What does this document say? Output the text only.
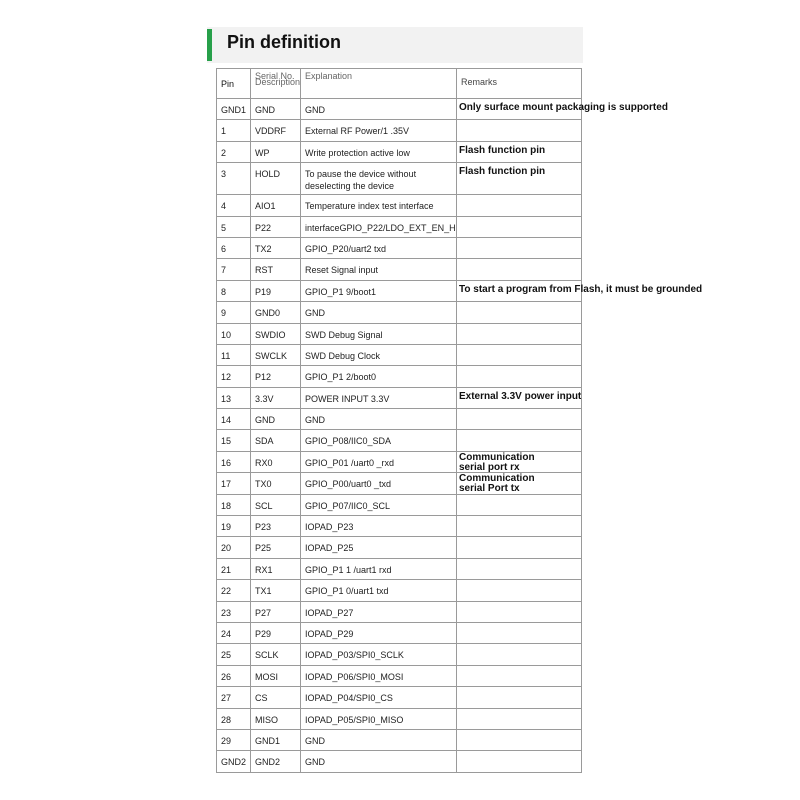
Pin definition
Pin	Serial No. Description	Explanation	Remarks
GND1	GND	GND	Only surface mount packaging is supported

1	VDDRF	External RF Power/1 .35V	
2	WP	Write protection active low	Flash function pin

3	HOLD	To pause the device without deselecting the device	Flash function pin

4	AIO1	Temperature index test interface	
5	P22	interfaceGPIO_P22/LDO_EXT_EN_H	
6	TX2	GPIO_P20/uart2 txd	
7	RST	Reset Signal input	
8	P19	GPIO_P1 9/boot1	To start a program from Flash, it must be grounded

9	GND0	GND	
10	SWDIO	SWD Debug Signal	
11	SWCLK	SWD Debug Clock	
12	P12	GPIO_P1 2/boot0	
13	3.3V	POWER INPUT 3.3V	External 3.3V power input

14	GND	GND	
15	SDA	GPIO_P08/IIC0_SDA	
16	RX0	GPIO_P01 /uart0 _rxd	Communication serial port rx

17	TX0	GPIO_P00/uart0 _txd	Communication serial Port tx

18	SCL	GPIO_P07/IIC0_SCL	
19	P23	IOPAD_P23	
20	P25	IOPAD_P25	
21	RX1	GPIO_P1 1 /uart1 rxd	
22	TX1	GPIO_P1 0/uart1 txd	
23	P27	IOPAD_P27	
24	P29	IOPAD_P29	
25	SCLK	IOPAD_P03/SPI0_SCLK	
26	MOSI	IOPAD_P06/SPI0_MOSI	
27	CS	IOPAD_P04/SPI0_CS	
28	MISO	IOPAD_P05/SPI0_MISO	
29	GND1	GND	
GND2	GND2	GND	
